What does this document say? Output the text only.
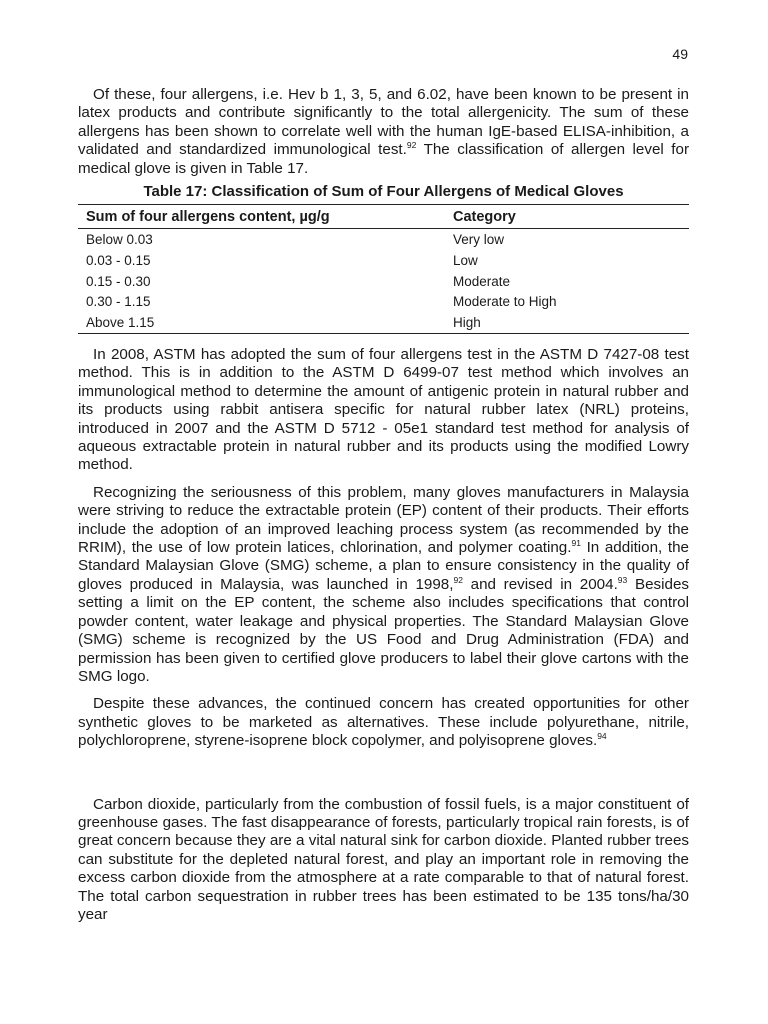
49

Of these, four allergens, i.e. Hev b 1, 3, 5, and 6.02, have been known to be present in latex products and contribute significantly to the total allergenicity. The sum of these allergens has been shown to correlate well with the human IgE-based ELISA-inhibition, a validated and standardized immunological test.$^{92}$ The classification of allergen level for medical glove is given in Table 17.

Table 17: Classification of Sum of Four Allergens of Medical Gloves
Sum of four allergens content, µg/g	Category
Below 0.03	Very low
0.03 - 0.15	Low
0.15 - 0.30	Moderate
0.30 - 1.15	Moderate to High
Above 1.15	High

In 2008, ASTM has adopted the sum of four allergens test in the ASTM D 7427-08 test method. This is in addition to the ASTM D 6499-07 test method which involves an immunological method to determine the amount of antigenic protein in natural rubber and its products using rabbit antisera specific for natural rubber latex (NRL) proteins, introduced in 2007 and the ASTM D 5712 - 05e1 standard test method for analysis of aqueous extractable protein in natural rubber and its products using the modified Lowry method.

Recognizing the seriousness of this problem, many gloves manufacturers in Malaysia were striving to reduce the extractable protein (EP) content of their products. Their efforts include the adoption of an improved leaching process system (as recommended by the RRIM), the use of low protein latices, chlorination, and polymer coating.$^{91}$ In addition, the Standard Malaysian Glove (SMG) scheme, a plan to ensure consistency in the quality of gloves produced in Malaysia, was launched in 1998,92 and revised in 2004.93 Besides setting a limit on the EP content, the scheme also includes specifications that control powder content, water leakage and physical properties. The Standard Malaysian Glove (SMG) scheme is recognized by the US Food and Drug Administration (FDA) and permission has been given to certified glove producers to label their glove cartons with the SMG logo.

Despite these advances, the continued concern has created opportunities for other synthetic gloves to be marketed as alternatives. These include polyurethane, nitrile, polychloroprene, styrene-isoprene block copolymer, and polyisoprene gloves.$^{94}$

Carbon dioxide, particularly from the combustion of fossil fuels, is a major constituent of greenhouse gases. The fast disappearance of forests, particularly tropical rain forests, is of great concern because they are a vital natural sink for carbon dioxide. Planted rubber trees can substitute for the depleted natural forest, and play an important role in removing the excess carbon dioxide from the atmosphere at a rate comparable to that of natural forest. The total carbon sequestration in rubber trees has been estimated to be 135 tons/ha/30 year
